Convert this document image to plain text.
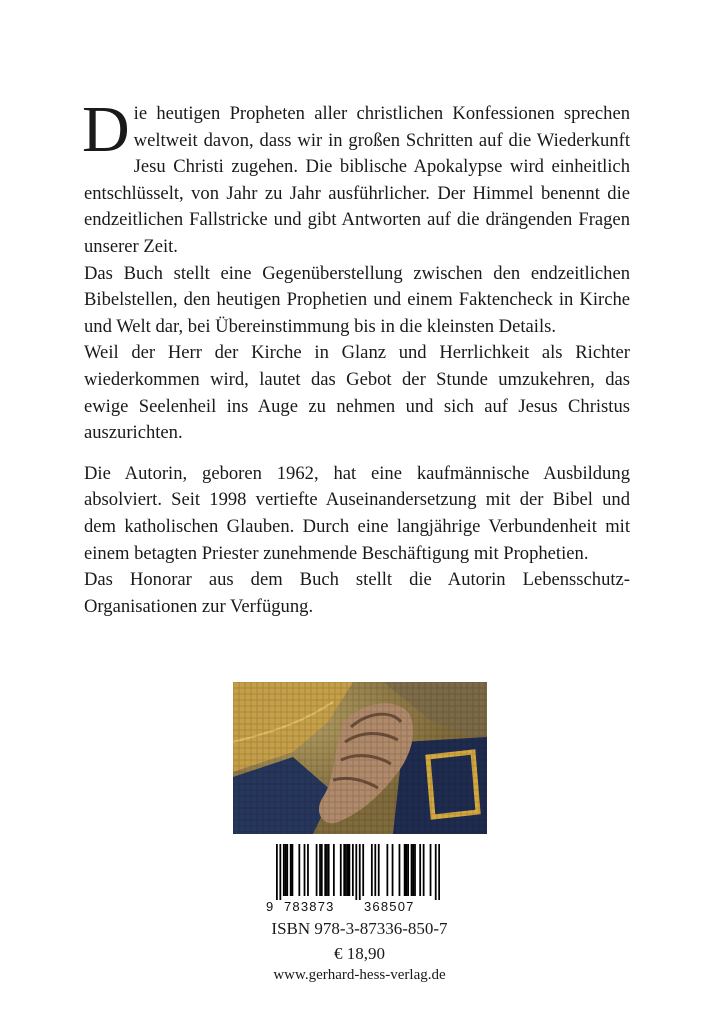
Die heutigen Propheten aller christlichen Konfessionen sprechen weltweit davon, dass wir in großen Schritten auf die Wiederkunft Jesu Christi zugehen. Die biblische Apokalypse wird einheitlich entschlüsselt, von Jahr zu Jahr ausführlicher. Der Himmel benennt die endzeitlichen Fallstricke und gibt Antworten auf die drängenden Fragen unserer Zeit.

Das Buch stellt eine Gegenüberstellung zwischen den endzeitlichen Bibelstellen, den heutigen Prophetien und einem Faktencheck in Kirche und Welt dar, bei Übereinstimmung bis in die kleinsten Details.

Weil der Herr der Kirche in Glanz und Herrlichkeit als Richter wiederkommen wird, lautet das Gebot der Stunde umzukehren, das ewige Seelenheil ins Auge zu nehmen und sich auf Jesus Christus auszurichten.

Die Autorin, geboren 1962, hat eine kaufmännische Ausbildung absolviert. Seit 1998 vertiefte Auseinandersetzung mit der Bibel und dem katholischen Glauben. Durch eine langjährige Verbundenheit mit einem betagten Priester zunehmende Beschäftigung mit Prophetien.

Das Honorar aus dem Buch stellt die Autorin Lebensschutz-Organisationen zur Verfügung.

9 783873 368507
ISBN 978-3-87336-850-7
€ 18,90
www.gerhard-hess-verlag.de
